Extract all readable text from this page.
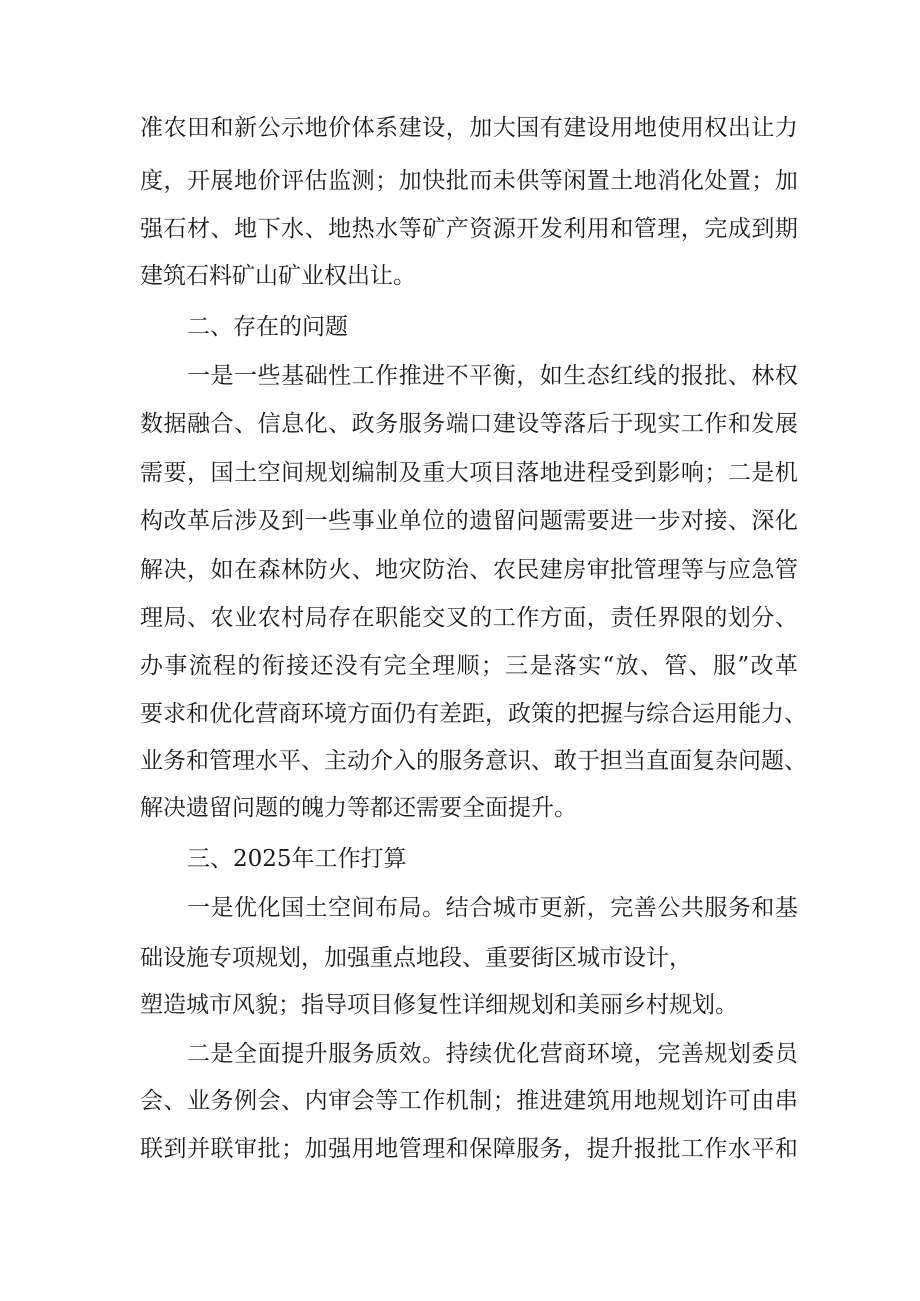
准 农 田 和 新 公 示 地 价 体 系 建 设 ， 加 大 国 有 建 设 用 地 使 用 权 出 让 力
度 ， 开 展 地 价 评 估 监 测 ； 加 快 批 而 未 供 等 闲 置 土 地 消 化 处 置 ； 加
强 石 材 、 地 下 水 、 地 热 水 等 矿 产 资 源 开 发 利 用 和 管 理 ， 完 成 到 期
建筑石料矿山矿业权出让。
二、存在的问题
一 是 一 些 基 础 性 工 作 推 进 不 平 衡 ， 如 生 态 红 线 的 报 批 、 林 权
数 据 融 合 、 信 息 化 、 政 务 服 务 端 口 建 设 等 落 后 于 现 实 工 作 和 发 展
需 要 ， 国 土 空 间 规 划 编 制 及 重 大 项 目 落 地 进 程 受 到 影 响 ； 二 是 机
构 改 革 后 涉 及 到 一 些 事 业 单 位 的 遗 留 问 题 需 要 进 一 步 对 接 、 深 化
解 决 ， 如 在 森 林 防 火 、 地 灾 防 治 、 农 民 建 房 审 批 管 理 等 与 应 急 管
理 局 、 农 业 农 村 局 存 在 职 能 交 叉 的 工 作 方 面 ， 责 任 界 限 的 划 分 、
办 事 流 程 的 衔 接 还 没 有 完 全 理 顺 ； 三 是 落 实 “ 放 、 管 、 服 ” 改 革
要 求 和 优 化 营 商 环 境 方 面 仍 有 差 距 ， 政 策 的 把 握 与 综 合 运 用 能 力 、
业 务 和 管 理 水 平 、 主 动 介 入 的 服 务 意 识 、 敢 于 担 当 直 面 复 杂 问 题 、
解决遗留问题的魄力等都还需要全面提升。
三、2025年工作打算
一 是 优 化 国 土 空 间 布 局 。 结 合 城 市 更 新 ， 完 善 公 共 服 务 和 基
础设施专项规划，加强重点地段、重要街区城市设计，
塑造城市风貌；指导项目修复性详细规划和美丽乡村规划。
二 是 全 面 提 升 服 务 质 效 。 持 续 优 化 营 商 环 境 ， 完 善 规 划 委 员
会 、 业 务 例 会 、 内 审 会 等 工 作 机 制 ； 推 进 建 筑 用 地 规 划 许 可 由 串
联 到 并 联 审 批 ； 加 强 用 地 管 理 和 保 障 服 务 ， 提 升 报 批 工 作 水 平 和
